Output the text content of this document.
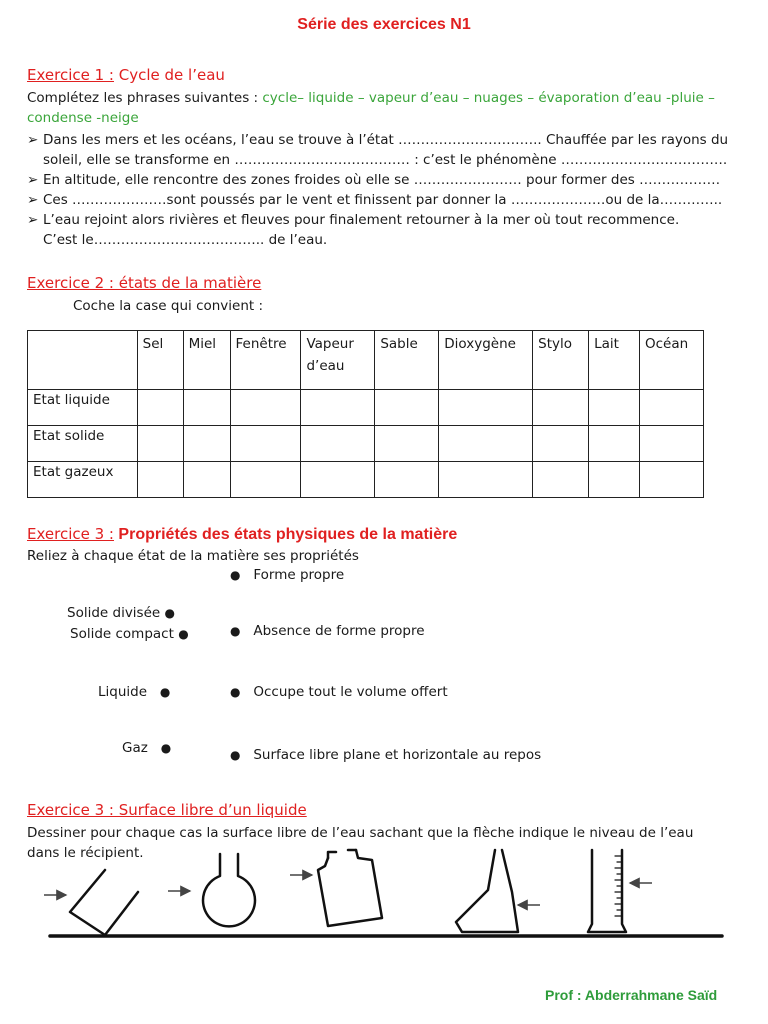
Série des exercices N1
Exercice 1 : Cycle de l’eau
Complétez les phrases suivantes : cycle– liquide – vapeur d’eau – nuages – évaporation d’eau -pluie –
condense -neige
➢ Dans les mers et les océans, l’eau se trouve à l’état ………………………….. Chauffée par les rayons du
soleil, elle se transforme en ………………………………… : c’est le phénomène ……………………………….
➢ En altitude, elle rencontre des zones froides où elle se …………………… pour former des ………………
➢ Ces …………………sont poussés par le vent et finissent par donner la …………………ou de la…………..
➢ L’eau rejoint alors rivières et fleuves pour finalement retourner à la mer où tout recommence.
C’est le……………………………….. de l’eau.
Exercice 2 : états de la matière
Coche la case qui convient :
	Sel	Miel	Fenêtre	Vapeur d’eau	Sable	Dioxygène	Stylo	Lait	Océan
Etat liquide									
Etat solide									
Etat gazeux									
Exercice 3 : Propriétés des états physiques de la matière
Reliez à chaque état de la matière ses propriétés
Solide divisée ●
Solide compact ●
Liquide ●
Gaz ●
● Forme propre
● Absence de forme propre
● Occupe tout le volume offert
● Surface libre plane et horizontale au repos
Exercice 3 : Surface libre d’un liquide
Dessiner pour chaque cas la surface libre de l’eau sachant que la flèche indique le niveau de l’eau
dans le récipient.
Prof : Abderrahmane Saïd
